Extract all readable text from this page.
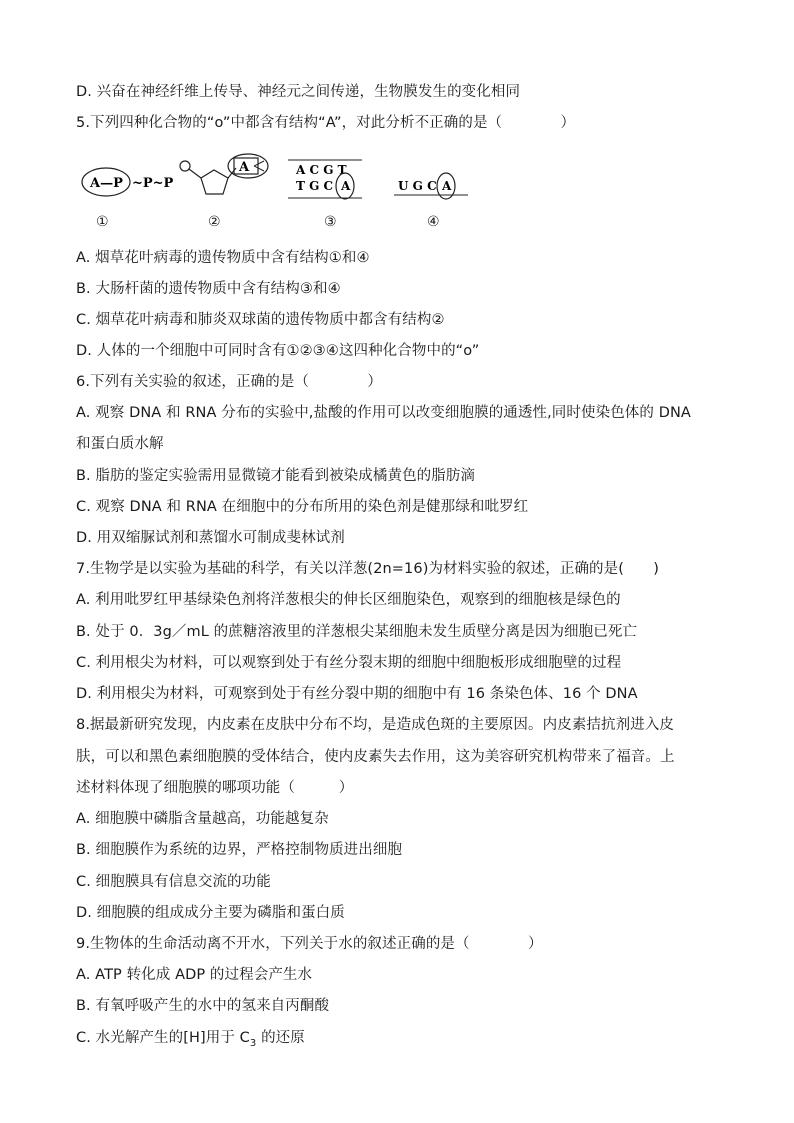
D. 兴奋在神经纤维上传导、神经元之间传递，生物膜发生的变化相同
5.下列四种化合物的“o”中都含有结构“A”，对此分析不正确的是（　　　　）
A—P ~P~P
A	A C G T
T G C A	U G C A
①	②	③	④
A. 烟草花叶病毒的遗传物质中含有结构①和④
B. 大肠杆菌的遗传物质中含有结构③和④
C. 烟草花叶病毒和肺炎双球菌的遗传物质中都含有结构②
D. 人体的一个细胞中可同时含有①②③④这四种化合物中的“o”
6.下列有关实验的叙述，正确的是（　　　　）
A. 观察 DNA 和 RNA 分布的实验中,盐酸的作用可以改变细胞膜的通透性,同时使染色体的 DNA
和蛋白质水解
B. 脂肪的鉴定实验需用显微镜才能看到被染成橘黄色的脂肪滴
C. 观察 DNA 和 RNA 在细胞中的分布所用的染色剂是健那绿和吡罗红
D. 用双缩脲试剂和蒸馏水可制成斐林试剂
7.生物学是以实验为基础的科学，有关以洋葱(2n=16)为材料实验的叙述，正确的是(　　)
A. 利用吡罗红甲基绿染色剂将洋葱根尖的伸长区细胞染色，观察到的细胞核是绿色的
B. 处于 0．3g／mL 的蔗糖溶液里的洋葱根尖某细胞未发生质壁分离是因为细胞已死亡
C. 利用根尖为材料，可以观察到处于有丝分裂末期的细胞中细胞板形成细胞壁的过程
D. 利用根尖为材料，可观察到处于有丝分裂中期的细胞中有 16 条染色体、16 个 DNA
8.据最新研究发现，内皮素在皮肤中分布不均，是造成色斑的主要原因。内皮素拮抗剂进入皮
肤，可以和黑色素细胞膜的受体结合，使内皮素失去作用，这为美容研究机构带来了福音。上
述材料体现了细胞膜的哪项功能（　　　）
A. 细胞膜中磷脂含量越高，功能越复杂
B. 细胞膜作为系统的边界，严格控制物质进出细胞
C. 细胞膜具有信息交流的功能
D. 细胞膜的组成成分主要为磷脂和蛋白质
9.生物体的生命活动离不开水，下列关于水的叙述正确的是（　　　　）
A. ATP 转化成 ADP 的过程会产生水
B. 有氧呼吸产生的水中的氢来自丙酮酸
C. 水光解产生的[H]用于 $C_3$ 的还原
